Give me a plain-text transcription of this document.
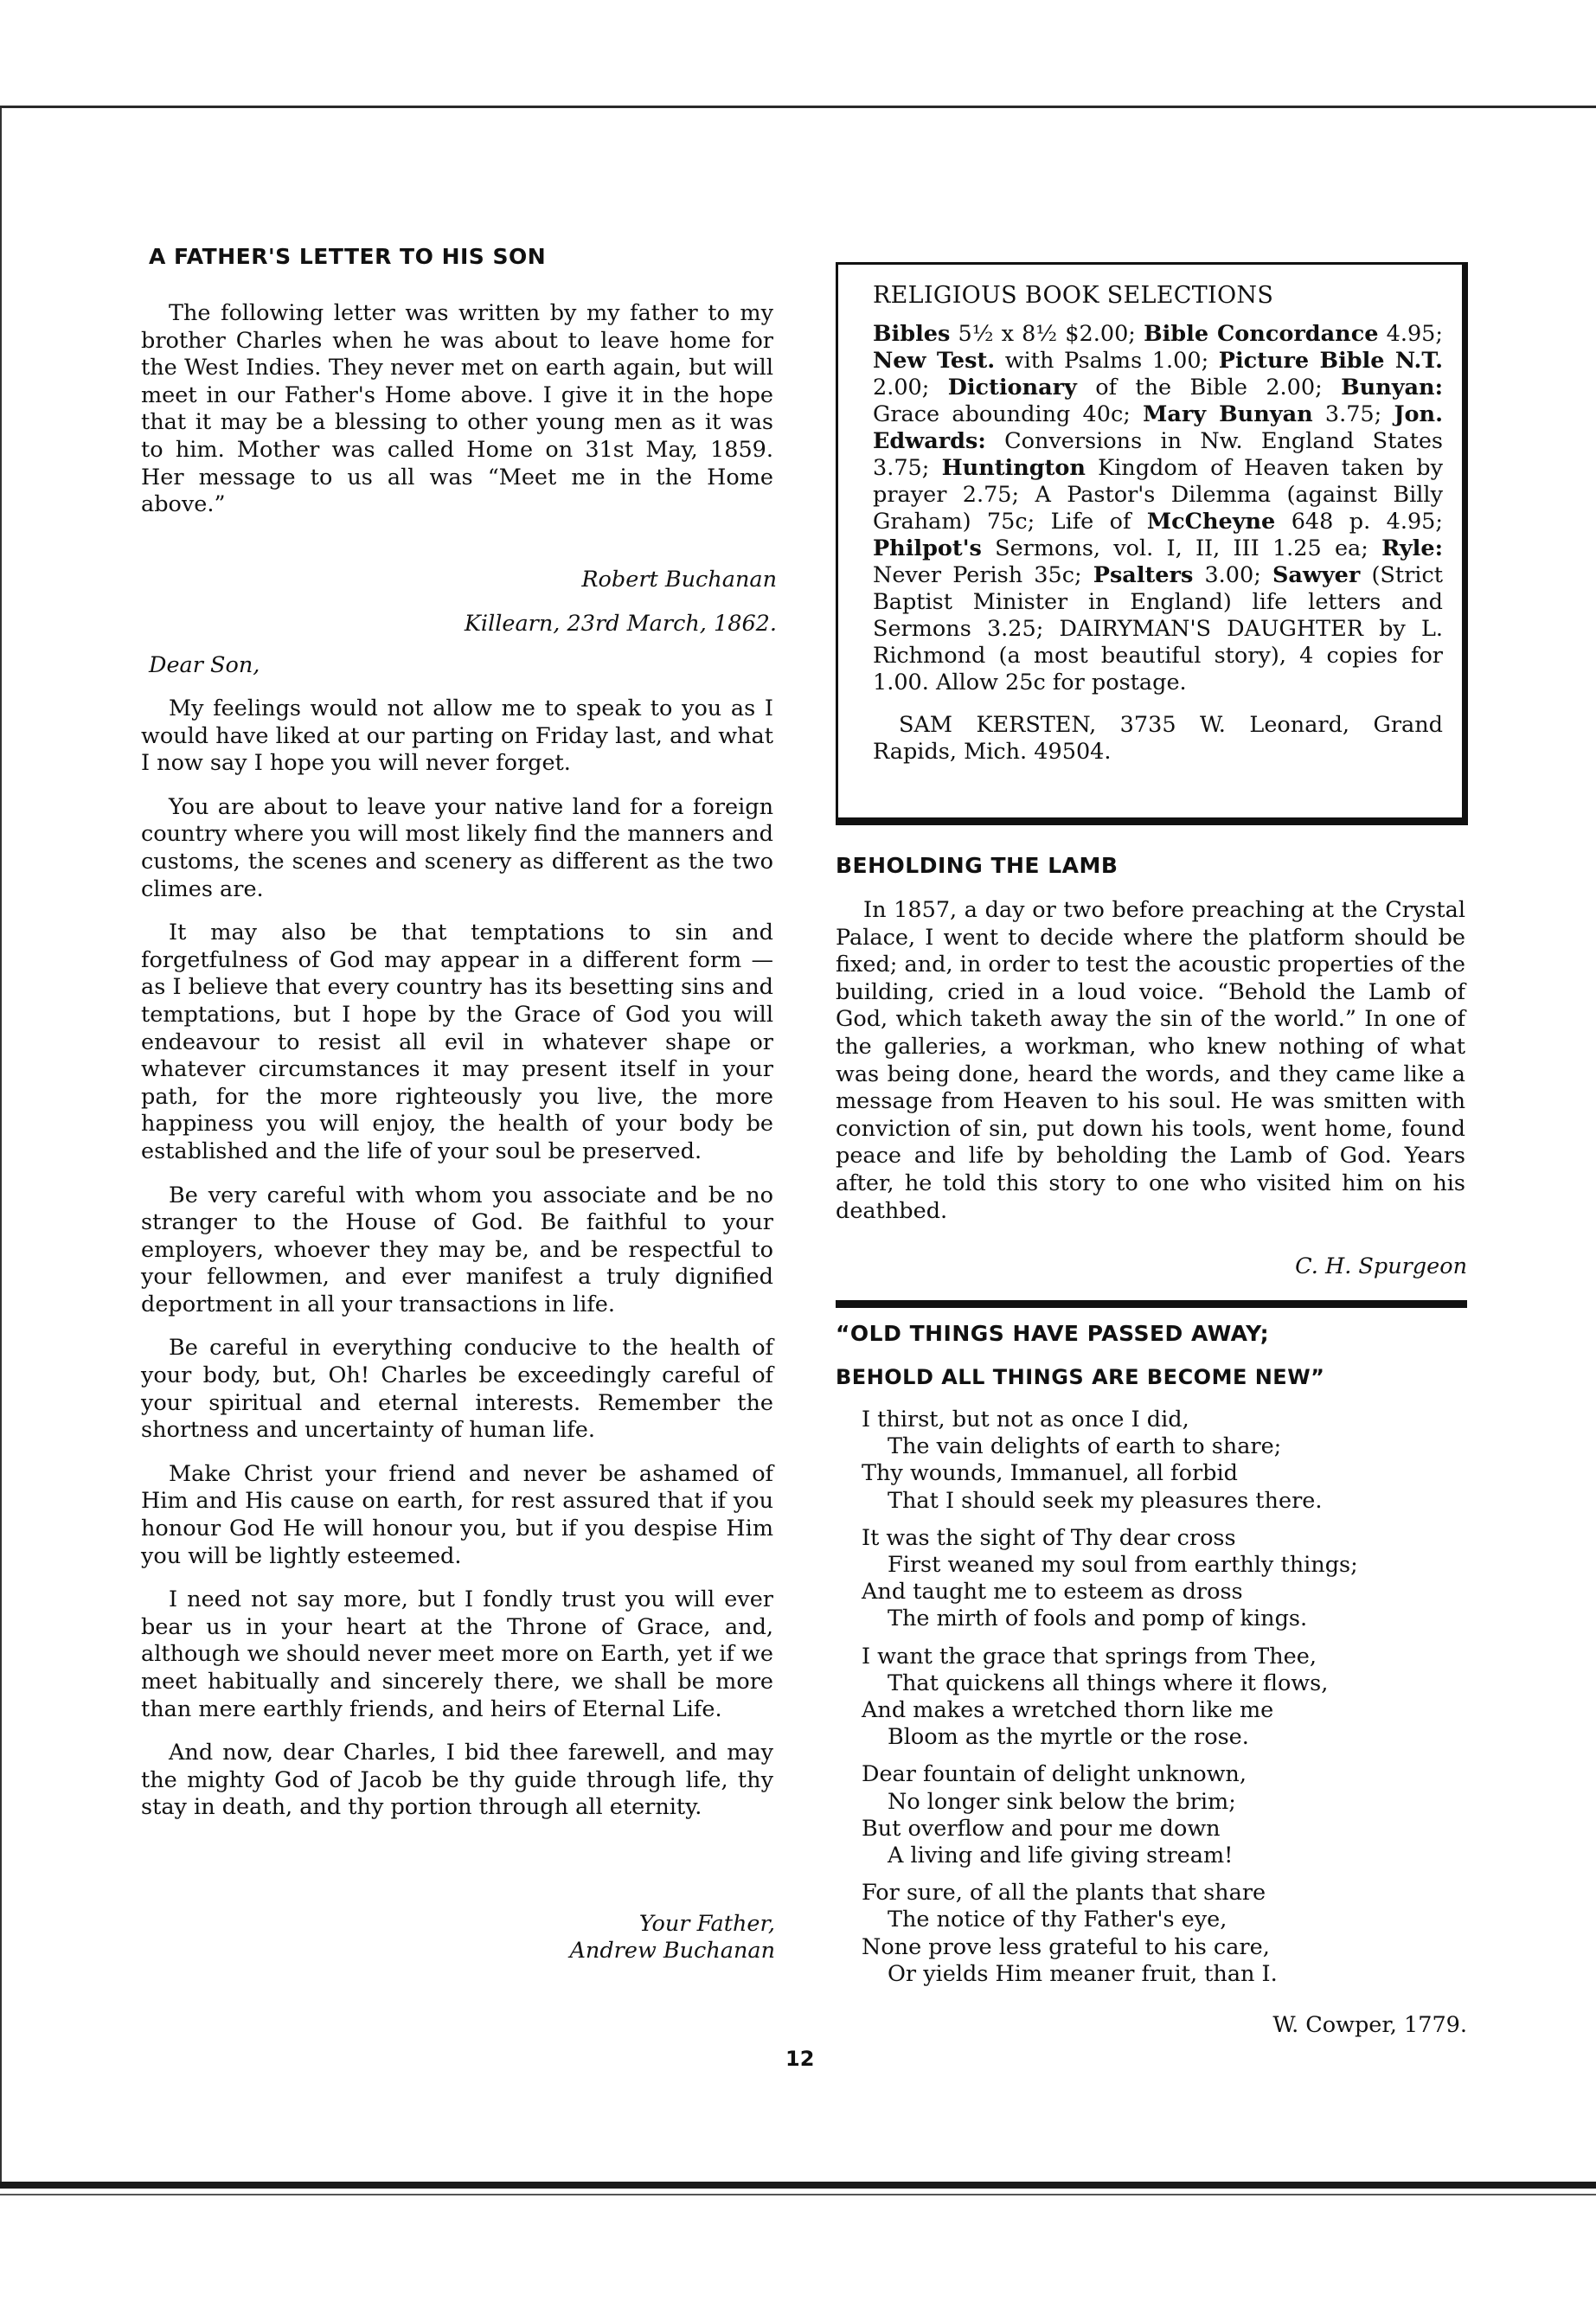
A FATHER'S LETTER TO HIS SON

The following letter was written by my father to my brother Charles when he was about to leave home for the West Indies. They never met on earth again, but will meet in our Father's Home above. I give it in the hope that it may be a blessing to other young men as it was to him. Mother was called Home on 31st May, 1859. Her message to us all was “Meet me in the Home above.”

Robert Buchanan
Killearn, 23rd March, 1862.
Dear Son,

My feelings would not allow me to speak to you as I would have liked at our parting on Friday last, and what I now say I hope you will never forget.

You are about to leave your native land for a foreign country where you will most likely find the manners and customs, the scenes and scenery as different as the two climes are.

It may also be that temptations to sin and forgetfulness of God may appear in a different form — as I believe that every country has its besetting sins and temptations, but I hope by the Grace of God you will endeavour to resist all evil in whatever shape or whatever circumstances it may present itself in your path, for the more righteously you live, the more happiness you will enjoy, the health of your body be established and the life of your soul be preserved.

Be very careful with whom you associate and be no stranger to the House of God. Be faithful to your employers, whoever they may be, and be respectful to your fellowmen, and ever manifest a truly dignified deportment in all your transactions in life.

Be careful in everything conducive to the health of your body, but, Oh! Charles be exceedingly careful of your spiritual and eternal interests. Remember the shortness and uncertainty of human life.

Make Christ your friend and never be ashamed of Him and His cause on earth, for rest assured that if you honour God He will honour you, but if you despise Him you will be lightly esteemed.

I need not say more, but I fondly trust you will ever bear us in your heart at the Throne of Grace, and, although we should never meet more on Earth, yet if we meet habitually and sincerely there, we shall be more than mere earthly friends, and heirs of Eternal Life.

And now, dear Charles, I bid thee farewell, and may the mighty God of Jacob be thy guide through life, thy stay in death, and thy portion through all eternity.

Your Father,
Andrew Buchanan
RELIGIOUS BOOK SELECTIONS
Bibles 5½ x 8½ $2.00; Bible Concordance 4.95; New Test. with Psalms 1.00; Picture Bible N.T. 2.00; Dictionary of the Bible 2.00; Bunyan: Grace abounding 40c; Mary Bunyan 3.75; Jon. Edwards: Conversions in Nw. England States 3.75; Huntington Kingdom of Heaven taken by prayer 2.75; A Pastor's Dilemma (against Billy Graham) 75c; Life of McCheyne 648 p. 4.95; Philpot's Sermons, vol. I, II, III 1.25 ea; Ryle: Never Perish 35c; Psalters 3.00; Sawyer (Strict Baptist Minister in England) life letters and Sermons 3.25; DAIRYMAN'S DAUGHTER by L. Richmond (a most beautiful story), 4 copies for 1.00. Allow 25c for postage.
SAM KERSTEN, 3735 W. Leonard, Grand Rapids, Mich. 49504.
BEHOLDING THE LAMB

In 1857, a day or two before preaching at the Crystal Palace, I went to decide where the platform should be fixed; and, in order to test the acoustic properties of the building, cried in a loud voice. “Behold the Lamb of God, which taketh away the sin of the world.” In one of the galleries, a workman, who knew nothing of what was being done, heard the words, and they came like a message from Heaven to his soul. He was smitten with conviction of sin, put down his tools, went home, found peace and life by beholding the Lamb of God. Years after, he told this story to one who visited him on his deathbed.

C. H. Spurgeon
“OLD THINGS HAVE PASSED AWAY;
BEHOLD ALL THINGS ARE BECOME NEW”
I thirst, but not as once I did,
The vain delights of earth to share;
Thy wounds, Immanuel, all forbid
That I should seek my pleasures there.
It was the sight of Thy dear cross
First weaned my soul from earthly things;
And taught me to esteem as dross
The mirth of fools and pomp of kings.
I want the grace that springs from Thee,
That quickens all things where it flows,
And makes a wretched thorn like me
Bloom as the myrtle or the rose.
Dear fountain of delight unknown,
No longer sink below the brim;
But overflow and pour me down
A living and life giving stream!
For sure, of all the plants that share
The notice of thy Father's eye,
None prove less grateful to his care,
Or yields Him meaner fruit, than I.
W. Cowper, 1779.
12
